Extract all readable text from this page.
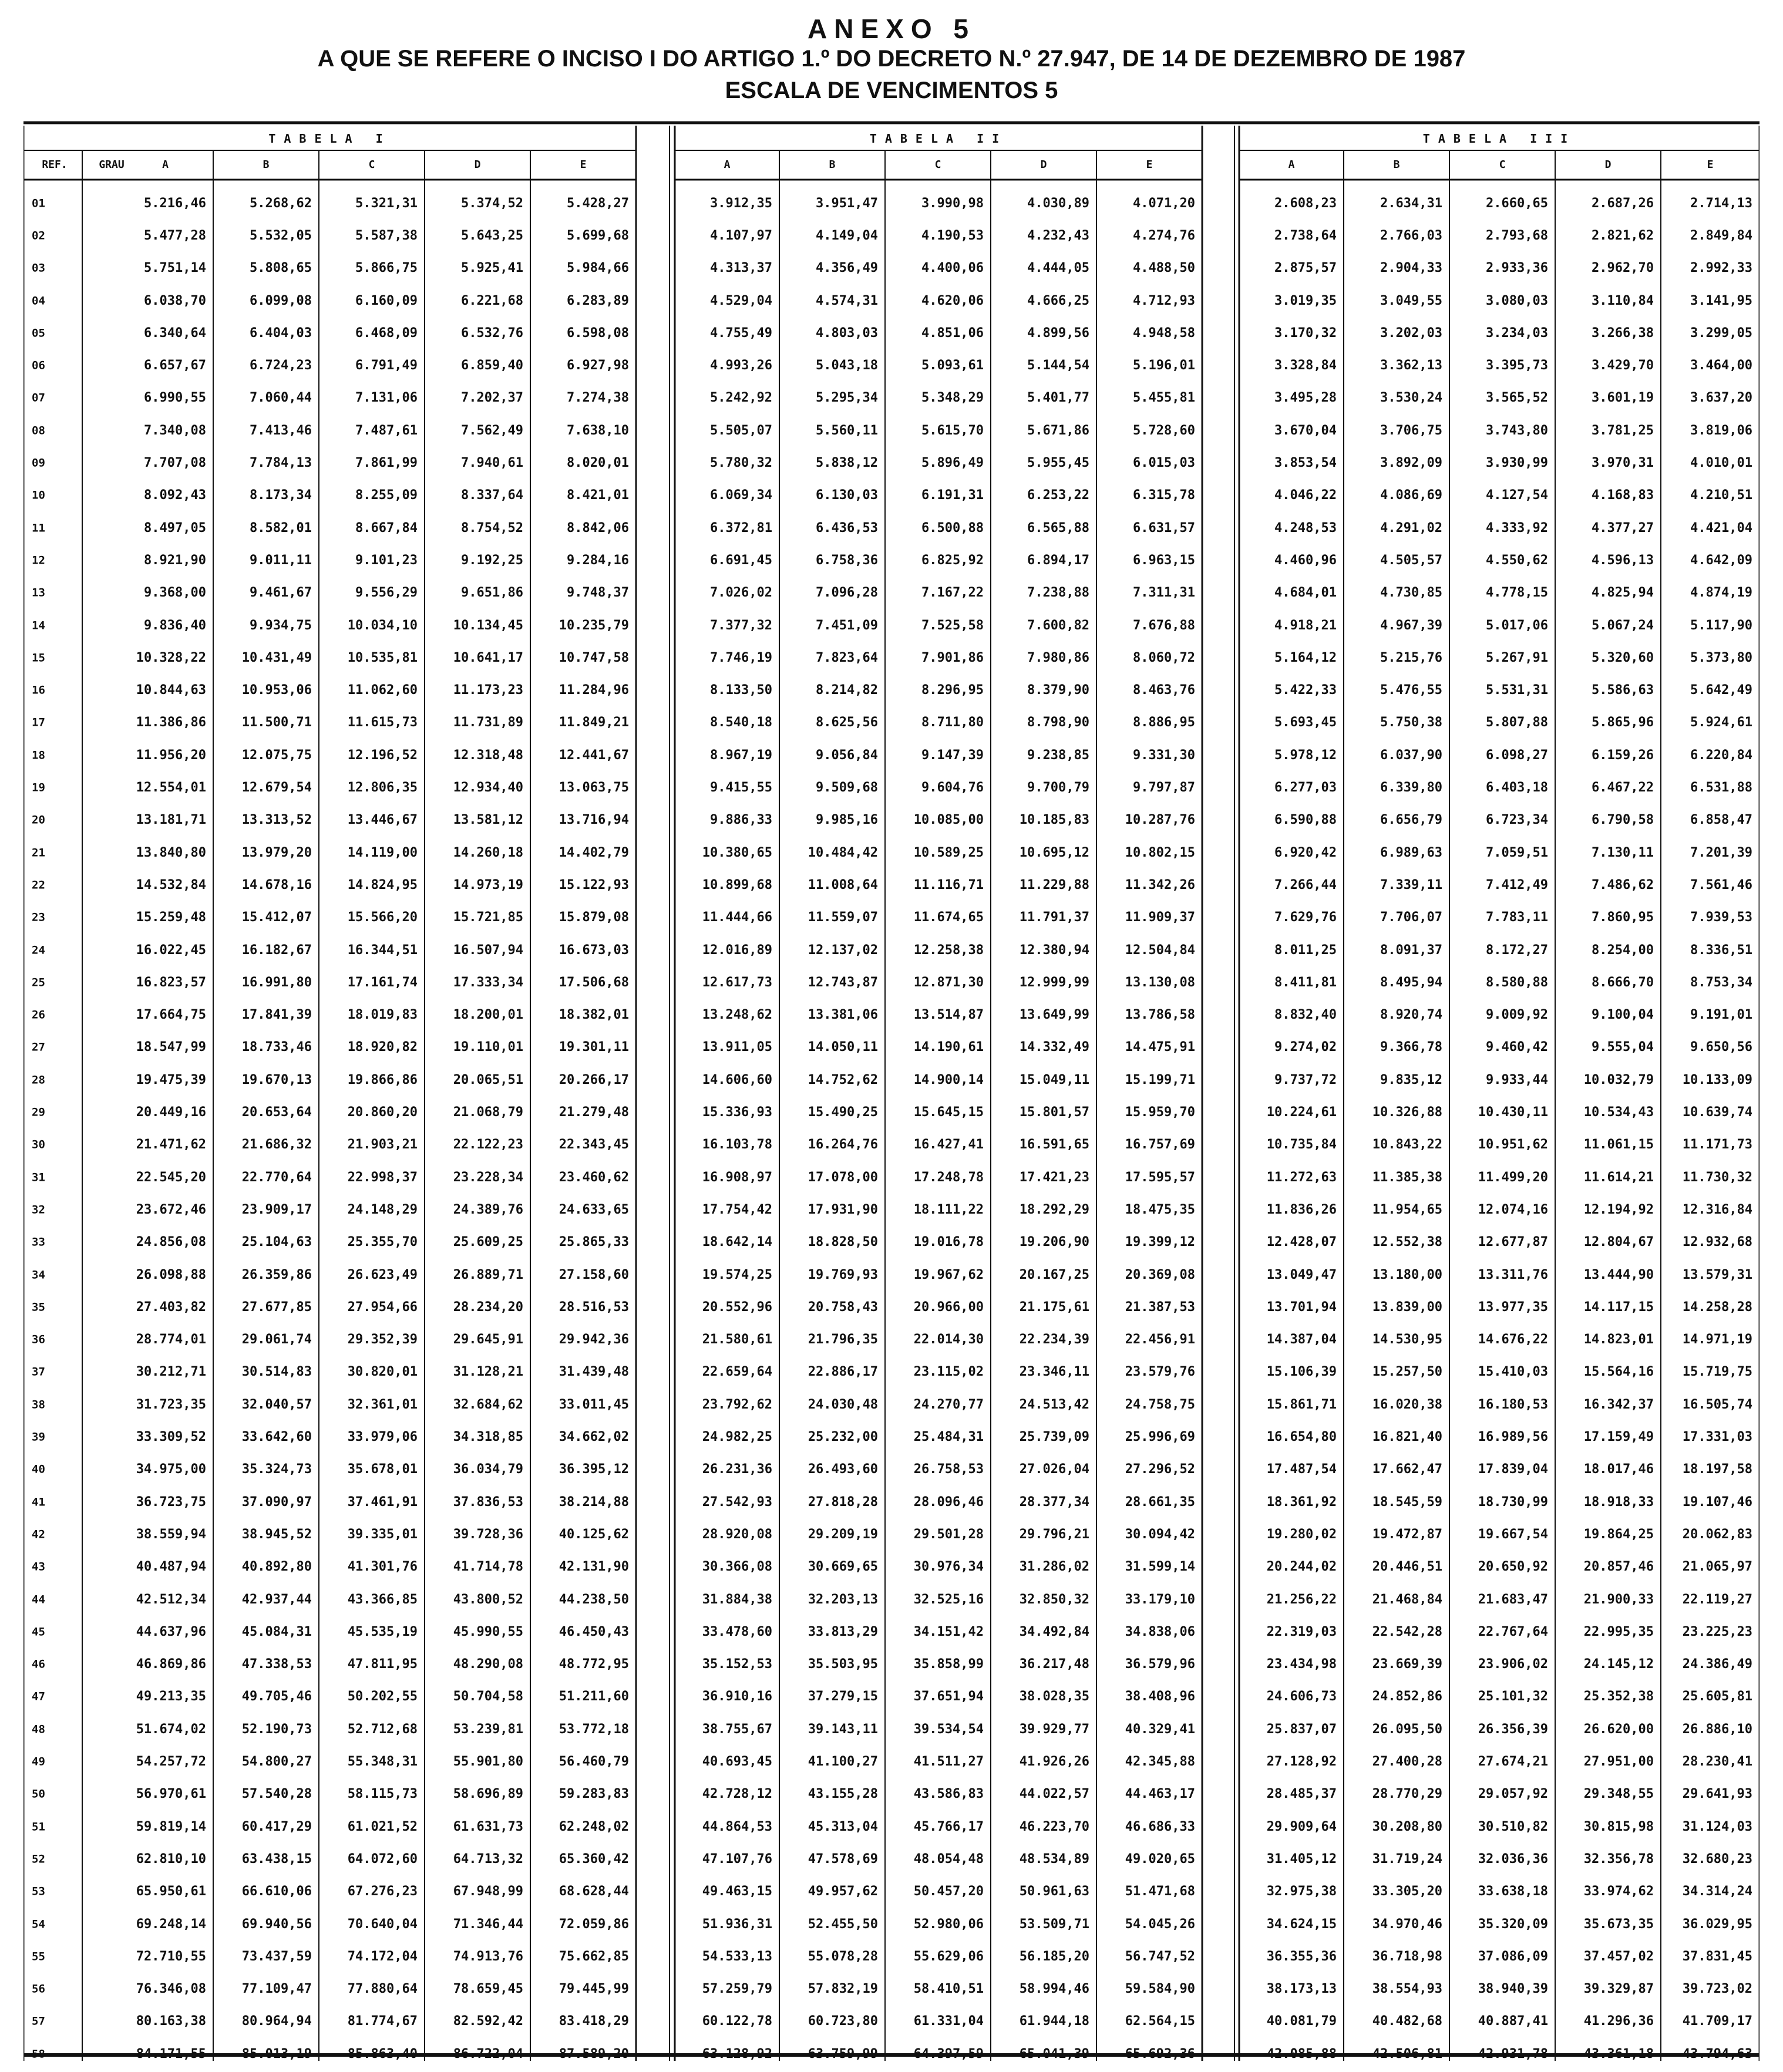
ANEXO 5
A QUE SE REFERE O INCISO I DO ARTIGO 1.º DO DECRETO N.º 27.947, DE 14 DE DEZEMBRO DE 1987
ESCALA DE VENCIMENTOS 5
TABELA I	TABELA II	TABELA III
REF.	GRAU	A	B	C	D	E	A	B	C	D	E	A	B	C	D	E
01	5.216,46	5.268,62	5.321,31	5.374,52	5.428,27	3.912,35	3.951,47	3.990,98	4.030,89	4.071,20	2.608,23	2.634,31	2.660,65	2.687,26	2.714,13
02	5.477,28	5.532,05	5.587,38	5.643,25	5.699,68	4.107,97	4.149,04	4.190,53	4.232,43	4.274,76	2.738,64	2.766,03	2.793,68	2.821,62	2.849,84
03	5.751,14	5.808,65	5.866,75	5.925,41	5.984,66	4.313,37	4.356,49	4.400,06	4.444,05	4.488,50	2.875,57	2.904,33	2.933,36	2.962,70	2.992,33
04	6.038,70	6.099,08	6.160,09	6.221,68	6.283,89	4.529,04	4.574,31	4.620,06	4.666,25	4.712,93	3.019,35	3.049,55	3.080,03	3.110,84	3.141,95
05	6.340,64	6.404,03	6.468,09	6.532,76	6.598,08	4.755,49	4.803,03	4.851,06	4.899,56	4.948,58	3.170,32	3.202,03	3.234,03	3.266,38	3.299,05
06	6.657,67	6.724,23	6.791,49	6.859,40	6.927,98	4.993,26	5.043,18	5.093,61	5.144,54	5.196,01	3.328,84	3.362,13	3.395,73	3.429,70	3.464,00
07	6.990,55	7.060,44	7.131,06	7.202,37	7.274,38	5.242,92	5.295,34	5.348,29	5.401,77	5.455,81	3.495,28	3.530,24	3.565,52	3.601,19	3.637,20
08	7.340,08	7.413,46	7.487,61	7.562,49	7.638,10	5.505,07	5.560,11	5.615,70	5.671,86	5.728,60	3.670,04	3.706,75	3.743,80	3.781,25	3.819,06
09	7.707,08	7.784,13	7.861,99	7.940,61	8.020,01	5.780,32	5.838,12	5.896,49	5.955,45	6.015,03	3.853,54	3.892,09	3.930,99	3.970,31	4.010,01
10	8.092,43	8.173,34	8.255,09	8.337,64	8.421,01	6.069,34	6.130,03	6.191,31	6.253,22	6.315,78	4.046,22	4.086,69	4.127,54	4.168,83	4.210,51
11	8.497,05	8.582,01	8.667,84	8.754,52	8.842,06	6.372,81	6.436,53	6.500,88	6.565,88	6.631,57	4.248,53	4.291,02	4.333,92	4.377,27	4.421,04
12	8.921,90	9.011,11	9.101,23	9.192,25	9.284,16	6.691,45	6.758,36	6.825,92	6.894,17	6.963,15	4.460,96	4.505,57	4.550,62	4.596,13	4.642,09
13	9.368,00	9.461,67	9.556,29	9.651,86	9.748,37	7.026,02	7.096,28	7.167,22	7.238,88	7.311,31	4.684,01	4.730,85	4.778,15	4.825,94	4.874,19
14	9.836,40	9.934,75	10.034,10	10.134,45	10.235,79	7.377,32	7.451,09	7.525,58	7.600,82	7.676,88	4.918,21	4.967,39	5.017,06	5.067,24	5.117,90
15	10.328,22	10.431,49	10.535,81	10.641,17	10.747,58	7.746,19	7.823,64	7.901,86	7.980,86	8.060,72	5.164,12	5.215,76	5.267,91	5.320,60	5.373,80
16	10.844,63	10.953,06	11.062,60	11.173,23	11.284,96	8.133,50	8.214,82	8.296,95	8.379,90	8.463,76	5.422,33	5.476,55	5.531,31	5.586,63	5.642,49
17	11.386,86	11.500,71	11.615,73	11.731,89	11.849,21	8.540,18	8.625,56	8.711,80	8.798,90	8.886,95	5.693,45	5.750,38	5.807,88	5.865,96	5.924,61
18	11.956,20	12.075,75	12.196,52	12.318,48	12.441,67	8.967,19	9.056,84	9.147,39	9.238,85	9.331,30	5.978,12	6.037,90	6.098,27	6.159,26	6.220,84
19	12.554,01	12.679,54	12.806,35	12.934,40	13.063,75	9.415,55	9.509,68	9.604,76	9.700,79	9.797,87	6.277,03	6.339,80	6.403,18	6.467,22	6.531,88
20	13.181,71	13.313,52	13.446,67	13.581,12	13.716,94	9.886,33	9.985,16	10.085,00	10.185,83	10.287,76	6.590,88	6.656,79	6.723,34	6.790,58	6.858,47
21	13.840,80	13.979,20	14.119,00	14.260,18	14.402,79	10.380,65	10.484,42	10.589,25	10.695,12	10.802,15	6.920,42	6.989,63	7.059,51	7.130,11	7.201,39
22	14.532,84	14.678,16	14.824,95	14.973,19	15.122,93	10.899,68	11.008,64	11.116,71	11.229,88	11.342,26	7.266,44	7.339,11	7.412,49	7.486,62	7.561,46
23	15.259,48	15.412,07	15.566,20	15.721,85	15.879,08	11.444,66	11.559,07	11.674,65	11.791,37	11.909,37	7.629,76	7.706,07	7.783,11	7.860,95	7.939,53
24	16.022,45	16.182,67	16.344,51	16.507,94	16.673,03	12.016,89	12.137,02	12.258,38	12.380,94	12.504,84	8.011,25	8.091,37	8.172,27	8.254,00	8.336,51
25	16.823,57	16.991,80	17.161,74	17.333,34	17.506,68	12.617,73	12.743,87	12.871,30	12.999,99	13.130,08	8.411,81	8.495,94	8.580,88	8.666,70	8.753,34
26	17.664,75	17.841,39	18.019,83	18.200,01	18.382,01	13.248,62	13.381,06	13.514,87	13.649,99	13.786,58	8.832,40	8.920,74	9.009,92	9.100,04	9.191,01
27	18.547,99	18.733,46	18.920,82	19.110,01	19.301,11	13.911,05	14.050,11	14.190,61	14.332,49	14.475,91	9.274,02	9.366,78	9.460,42	9.555,04	9.650,56
28	19.475,39	19.670,13	19.866,86	20.065,51	20.266,17	14.606,60	14.752,62	14.900,14	15.049,11	15.199,71	9.737,72	9.835,12	9.933,44	10.032,79	10.133,09
29	20.449,16	20.653,64	20.860,20	21.068,79	21.279,48	15.336,93	15.490,25	15.645,15	15.801,57	15.959,70	10.224,61	10.326,88	10.430,11	10.534,43	10.639,74
30	21.471,62	21.686,32	21.903,21	22.122,23	22.343,45	16.103,78	16.264,76	16.427,41	16.591,65	16.757,69	10.735,84	10.843,22	10.951,62	11.061,15	11.171,73
31	22.545,20	22.770,64	22.998,37	23.228,34	23.460,62	16.908,97	17.078,00	17.248,78	17.421,23	17.595,57	11.272,63	11.385,38	11.499,20	11.614,21	11.730,32
32	23.672,46	23.909,17	24.148,29	24.389,76	24.633,65	17.754,42	17.931,90	18.111,22	18.292,29	18.475,35	11.836,26	11.954,65	12.074,16	12.194,92	12.316,84
33	24.856,08	25.104,63	25.355,70	25.609,25	25.865,33	18.642,14	18.828,50	19.016,78	19.206,90	19.399,12	12.428,07	12.552,38	12.677,87	12.804,67	12.932,68
34	26.098,88	26.359,86	26.623,49	26.889,71	27.158,60	19.574,25	19.769,93	19.967,62	20.167,25	20.369,08	13.049,47	13.180,00	13.311,76	13.444,90	13.579,31
35	27.403,82	27.677,85	27.954,66	28.234,20	28.516,53	20.552,96	20.758,43	20.966,00	21.175,61	21.387,53	13.701,94	13.839,00	13.977,35	14.117,15	14.258,28
36	28.774,01	29.061,74	29.352,39	29.645,91	29.942,36	21.580,61	21.796,35	22.014,30	22.234,39	22.456,91	14.387,04	14.530,95	14.676,22	14.823,01	14.971,19
37	30.212,71	30.514,83	30.820,01	31.128,21	31.439,48	22.659,64	22.886,17	23.115,02	23.346,11	23.579,76	15.106,39	15.257,50	15.410,03	15.564,16	15.719,75
38	31.723,35	32.040,57	32.361,01	32.684,62	33.011,45	23.792,62	24.030,48	24.270,77	24.513,42	24.758,75	15.861,71	16.020,38	16.180,53	16.342,37	16.505,74
39	33.309,52	33.642,60	33.979,06	34.318,85	34.662,02	24.982,25	25.232,00	25.484,31	25.739,09	25.996,69	16.654,80	16.821,40	16.989,56	17.159,49	17.331,03
40	34.975,00	35.324,73	35.678,01	36.034,79	36.395,12	26.231,36	26.493,60	26.758,53	27.026,04	27.296,52	17.487,54	17.662,47	17.839,04	18.017,46	18.197,58
41	36.723,75	37.090,97	37.461,91	37.836,53	38.214,88	27.542,93	27.818,28	28.096,46	28.377,34	28.661,35	18.361,92	18.545,59	18.730,99	18.918,33	19.107,46
42	38.559,94	38.945,52	39.335,01	39.728,36	40.125,62	28.920,08	29.209,19	29.501,28	29.796,21	30.094,42	19.280,02	19.472,87	19.667,54	19.864,25	20.062,83
43	40.487,94	40.892,80	41.301,76	41.714,78	42.131,90	30.366,08	30.669,65	30.976,34	31.286,02	31.599,14	20.244,02	20.446,51	20.650,92	20.857,46	21.065,97
44	42.512,34	42.937,44	43.366,85	43.800,52	44.238,50	31.884,38	32.203,13	32.525,16	32.850,32	33.179,10	21.256,22	21.468,84	21.683,47	21.900,33	22.119,27
45	44.637,96	45.084,31	45.535,19	45.990,55	46.450,43	33.478,60	33.813,29	34.151,42	34.492,84	34.838,06	22.319,03	22.542,28	22.767,64	22.995,35	23.225,23
46	46.869,86	47.338,53	47.811,95	48.290,08	48.772,95	35.152,53	35.503,95	35.858,99	36.217,48	36.579,96	23.434,98	23.669,39	23.906,02	24.145,12	24.386,49
47	49.213,35	49.705,46	50.202,55	50.704,58	51.211,60	36.910,16	37.279,15	37.651,94	38.028,35	38.408,96	24.606,73	24.852,86	25.101,32	25.352,38	25.605,81
48	51.674,02	52.190,73	52.712,68	53.239,81	53.772,18	38.755,67	39.143,11	39.534,54	39.929,77	40.329,41	25.837,07	26.095,50	26.356,39	26.620,00	26.886,10
49	54.257,72	54.800,27	55.348,31	55.901,80	56.460,79	40.693,45	41.100,27	41.511,27	41.926,26	42.345,88	27.128,92	27.400,28	27.674,21	27.951,00	28.230,41
50	56.970,61	57.540,28	58.115,73	58.696,89	59.283,83	42.728,12	43.155,28	43.586,83	44.022,57	44.463,17	28.485,37	28.770,29	29.057,92	29.348,55	29.641,93
51	59.819,14	60.417,29	61.021,52	61.631,73	62.248,02	44.864,53	45.313,04	45.766,17	46.223,70	46.686,33	29.909,64	30.208,80	30.510,82	30.815,98	31.124,03
52	62.810,10	63.438,15	64.072,60	64.713,32	65.360,42	47.107,76	47.578,69	48.054,48	48.534,89	49.020,65	31.405,12	31.719,24	32.036,36	32.356,78	32.680,23
53	65.950,61	66.610,06	67.276,23	67.948,99	68.628,44	49.463,15	49.957,62	50.457,20	50.961,63	51.471,68	32.975,38	33.305,20	33.638,18	33.974,62	34.314,24
54	69.248,14	69.940,56	70.640,04	71.346,44	72.059,86	51.936,31	52.455,50	52.980,06	53.509,71	54.045,26	34.624,15	34.970,46	35.320,09	35.673,35	36.029,95
55	72.710,55	73.437,59	74.172,04	74.913,76	75.662,85	54.533,13	55.078,28	55.629,06	56.185,20	56.747,52	36.355,36	36.718,98	37.086,09	37.457,02	37.831,45
56	76.346,08	77.109,47	77.880,64	78.659,45	79.445,99	57.259,79	57.832,19	58.410,51	58.994,46	59.584,90	38.173,13	38.554,93	38.940,39	39.329,87	39.723,02
57	80.163,38	80.964,94	81.774,67	82.592,42	83.418,29	60.122,78	60.723,80	61.331,04	61.944,18	62.564,15	40.081,79	40.482,68	40.887,41	41.296,36	41.709,17
58	84.171,55	85.013,19	85.863,40	86.722,04	87.589,20	63.128,92	63.759,99	64.397,59	65.041,39	65.692,36	42.085,88	42.506,81	42.931,78	43.361,18	43.794,63
